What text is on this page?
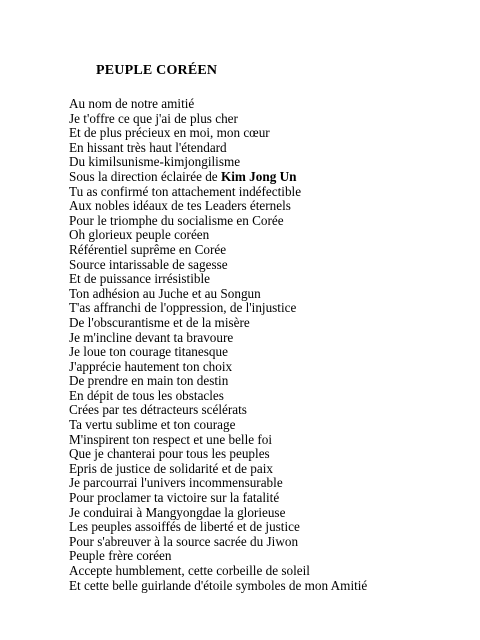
PEUPLE CORÉEN
Au nom de notre amitié
Je t'offre ce que j'ai de plus cher
Et de plus précieux en moi, mon cœur
En hissant très haut l'étendard
Du kimilsunisme-kimjongilisme
Sous la direction éclairée de Kim Jong Un
Tu as confirmé ton attachement indéfectible
Aux nobles idéaux de tes Leaders éternels
Pour le triomphe du socialisme en Corée
Oh glorieux peuple coréen
Référentiel suprême en Corée
Source intarissable de sagesse
Et de puissance irrésistible
Ton adhésion au Juche et au Songun
T'as affranchi de l'oppression, de l'injustice
De l'obscurantisme et de la misère
Je m'incline devant ta bravoure
Je loue ton courage titanesque
J'apprécie hautement ton choix
De prendre en main ton destin
En dépit de tous les obstacles
Crées par tes détracteurs scélérats
Ta vertu sublime et ton courage
M'inspirent ton respect et une belle foi
Que je chanterai pour tous les peuples
Epris de justice de solidarité et de paix
Je parcourrai l'univers incommensurable
Pour proclamer ta victoire sur la fatalité
Je conduirai à Mangyongdae la glorieuse
Les peuples assoiffés de liberté et de justice
Pour s'abreuver à la source sacrée du Jiwon
Peuple frère coréen
Accepte humblement, cette corbeille de soleil
Et cette belle guirlande d'étoile symboles de mon Amitié
